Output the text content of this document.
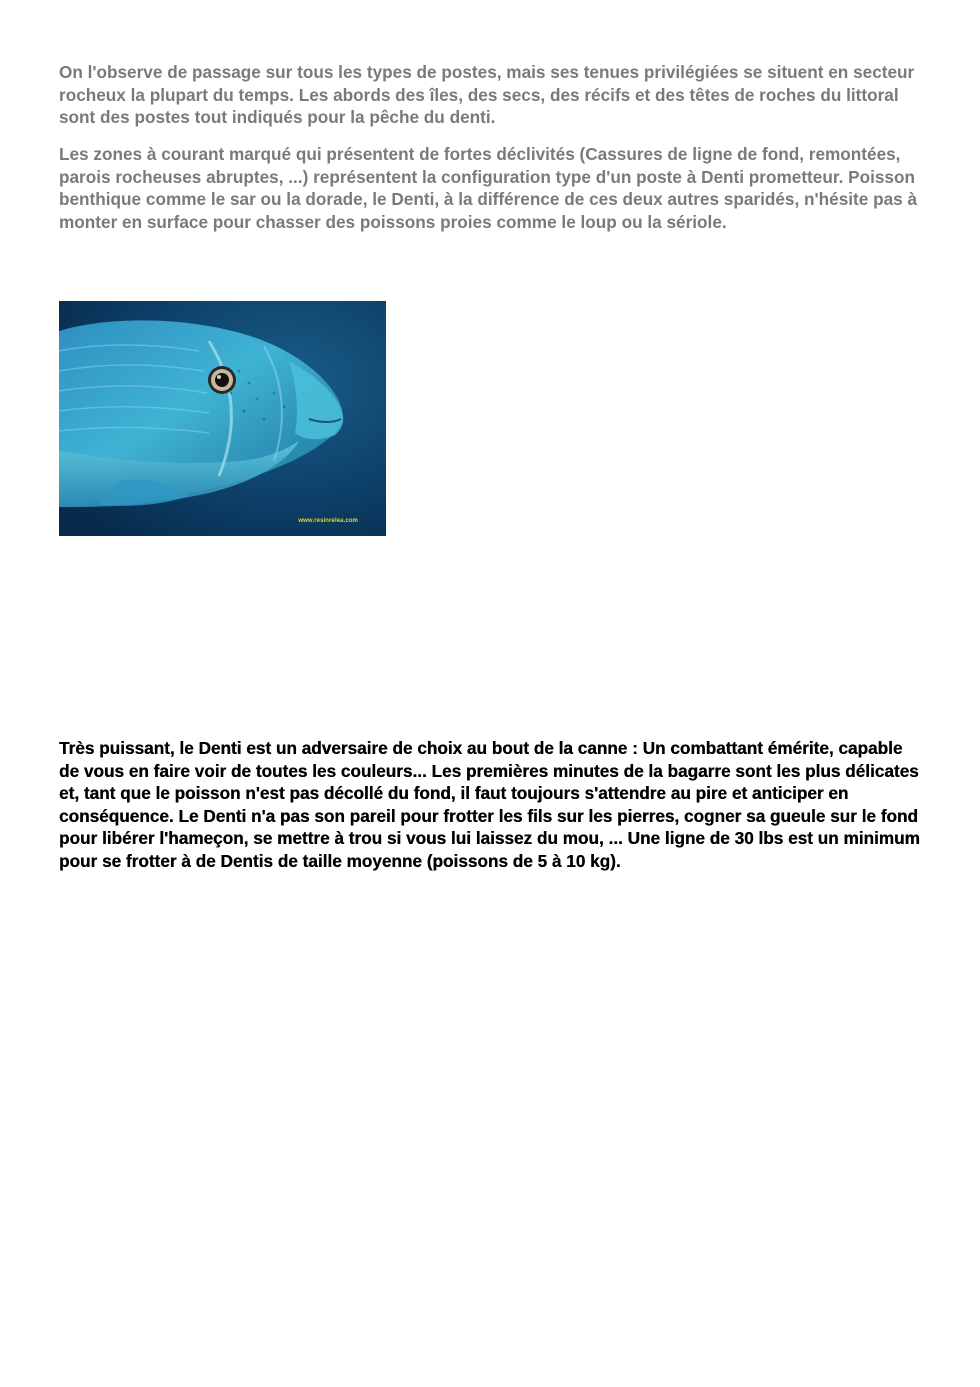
On l'observe de passage sur tous les types de postes, mais ses tenues privilégiées se situent en secteur rocheux la plupart du temps. Les abords des îles, des secs, des récifs et des têtes de roches du littoral sont des postes tout indiqués pour la pêche du denti.

Les zones à courant marqué qui présentent de fortes déclivités (Cassures de ligne de fond, remontées, parois rocheuses abruptes, ...) représentent la configuration type d'un poste à Denti prometteur. Poisson benthique comme le sar ou la dorade, le Denti, à la différence de ces deux autres sparidés, n'hésite pas à monter en surface pour chasser des poissons proies comme le loup ou la sériole.

www.resinrelea.com

Très puissant, le Denti est un adversaire de choix au bout de la canne : Un combattant émérite, capable de vous en faire voir de toutes les couleurs... Les premières minutes de la bagarre sont les plus délicates et, tant que le poisson n'est pas décollé du fond, il faut toujours s'attendre au pire et anticiper en conséquence. Le Denti n'a pas son pareil pour frotter les fils sur les pierres, cogner sa gueule sur le fond pour libérer l'hameçon, se mettre à trou si vous lui laissez du mou, ... Une ligne de 30 lbs est un minimum pour se frotter à de Dentis de taille moyenne (poissons de 5 à 10 kg).
